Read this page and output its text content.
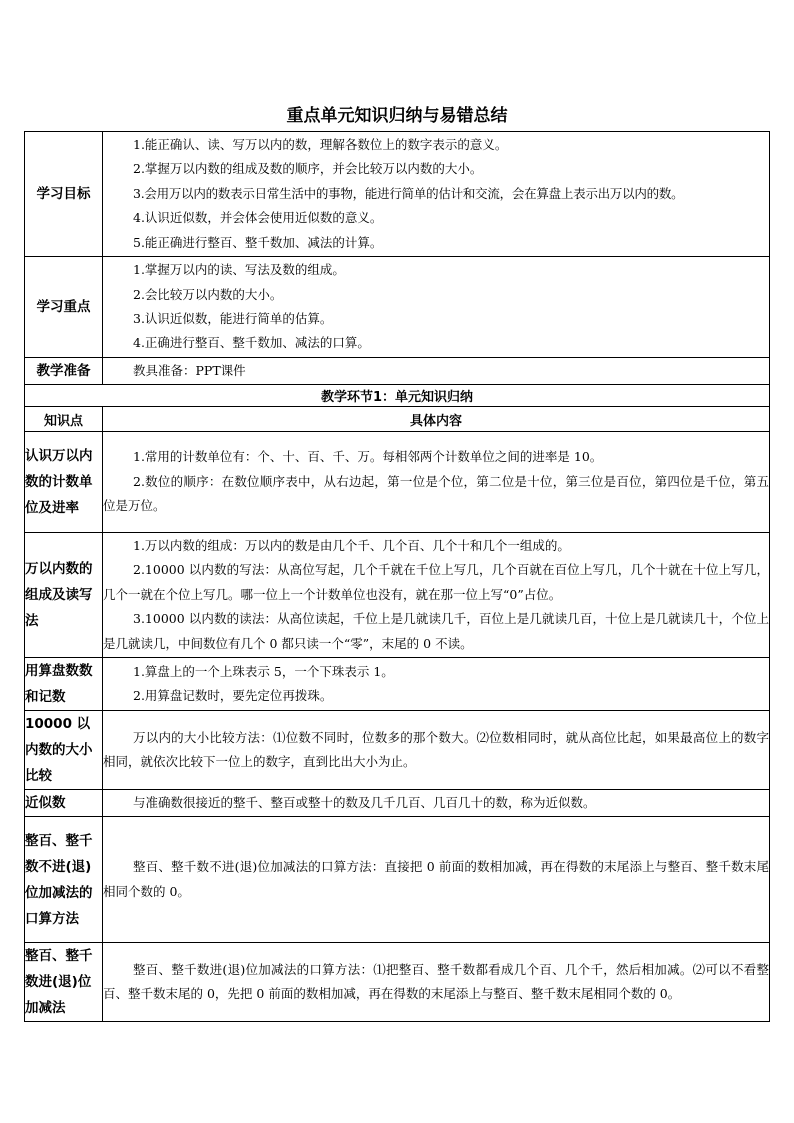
重点单元知识归纳与易错总结
学习目标	1.能正确认、读、写万以内的数，理解各数位上的数字表示的意义。
2.掌握万以内数的组成及数的顺序，并会比较万以内数的大小。
3.会用万以内的数表示日常生活中的事物，能进行简单的估计和交流，会在算盘上表示出万以内的数。
4.认识近似数，并会体会使用近似数的意义。
5.能正确进行整百、整千数加、减法的计算。

学习重点	1.掌握万以内的读、写法及数的组成。
2.会比较万以内数的大小。
3.认识近似数，能进行简单的估算。
4.正确进行整百、整千数加、减法的口算。

教学准备	教具准备：PPT课件

教学环节1：单元知识归纳	
知识点	具体内容
认识万以内数的计数单位及进率	1.常用的计数单位有：个、十、百、千、万。每相邻两个计数单位之间的进率是 10。
2.数位的顺序：在数位顺序表中，从右边起，第一位是个位，第二位是十位，第三位是百位，第四位是千位，第五位是万位。

万以内数的组成及读写法	1.万以内数的组成：万以内的数是由几个千、几个百、几个十和几个一组成的。
2.10000 以内数的写法：从高位写起，几个千就在千位上写几，几个百就在百位上写几，几个十就在十位上写几，几个一就在个位上写几。哪一位上一个计数单位也没有，就在那一位上写“0”占位。
3.10000 以内数的读法：从高位读起，千位上是几就读几千，百位上是几就读几百，十位上是几就读几十，个位上是几就读几，中间数位有几个 0 都只读一个“零”，末尾的 0 不读。

用算盘数数和记数	1.算盘上的一个上珠表示 5，一个下珠表示 1。
2.用算盘记数时，要先定位再拨珠。

10000 以内数的大小比较	万以内的大小比较方法：⑴位数不同时，位数多的那个数大。⑵位数相同时，就从高位比起，如果最高位上的数字相同，就依次比较下一位上的数字，直到比出大小为止。

近似数	与准确数很接近的整千、整百或整十的数及几千几百、几百几十的数，称为近似数。

整百、整千数不进(退)位加减法的口算方法	整百、整千数不进(退)位加减法的口算方法：直接把 0 前面的数相加减，再在得数的末尾添上与整百、整千数末尾相同个数的 0。

整百、整千数进(退)位加减法	整百、整千数进(退)位加减法的口算方法：⑴把整百、整千数都看成几个百、几个千，然后相加减。⑵可以不看整百、整千数末尾的 0，先把 0 前面的数相加减，再在得数的末尾添上与整百、整千数末尾相同个数的 0。
